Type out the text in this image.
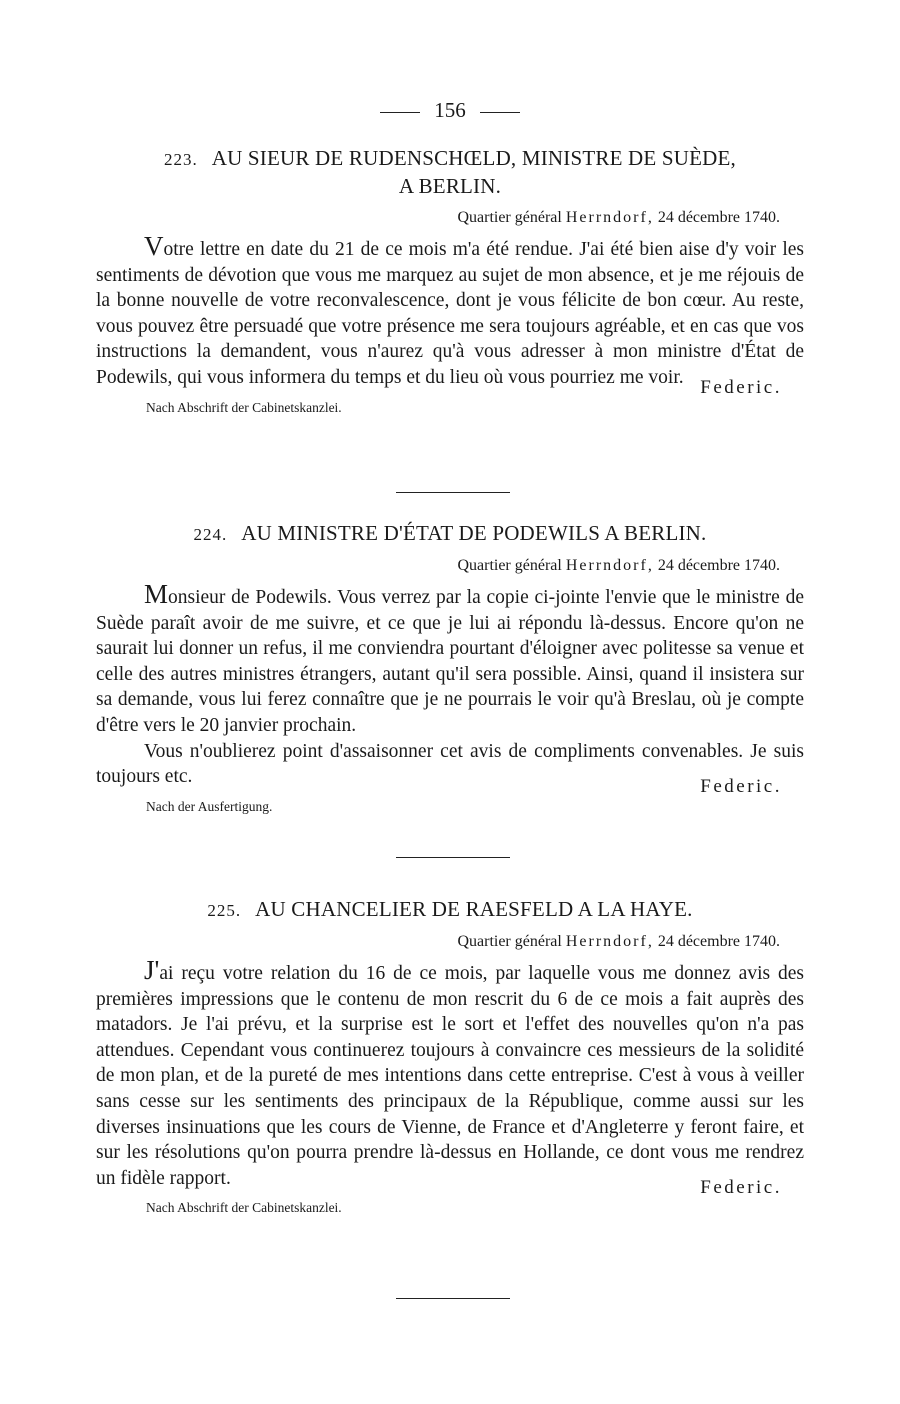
156
223. AU SIEUR DE RUDENSCHŒLD, MINISTRE DE SUÈDE,
A BERLIN.
Quartier général Herrndorf, 24 décembre 1740.

Votre lettre en date du 21 de ce mois m'a été rendue. J'ai été bien aise d'y voir les sentiments de dévotion que vous me marquez au sujet de mon absence, et je me réjouis de la bonne nouvelle de votre reconvalescence, dont je vous félicite de bon cœur. Au reste, vous pouvez être persuadé que votre présence me sera toujours agréable, et en cas que vos instructions la demandent, vous n'aurez qu'à vous adresser à mon ministre d'État de Podewils, qui vous informera du temps et du lieu où vous pourriez me voir. Federic.
Nach Abschrift der Cabinetskanzlei.
224. AU MINISTRE D'ÉTAT DE PODEWILS A BERLIN.
Quartier général Herrndorf, 24 décembre 1740.

Monsieur de Podewils. Vous verrez par la copie ci-jointe l'envie que le ministre de Suède paraît avoir de me suivre, et ce que je lui ai répondu là-dessus. Encore qu'on ne saurait lui donner un refus, il me conviendra pourtant d'éloigner avec politesse sa venue et celle des autres ministres étrangers, autant qu'il sera possible. Ainsi, quand il insistera sur sa demande, vous lui ferez connaître que je ne pourrais le voir qu'à Breslau, où je compte d'être vers le 20 janvier prochain.

Vous n'oublierez point d'assaisonner cet avis de compliments convenables. Je suis toujours etc.	Federic.
Nach der Ausfertigung.
225. AU CHANCELIER DE RAESFELD A LA HAYE.
Quartier général Herrndorf, 24 décembre 1740.

J'ai reçu votre relation du 16 de ce mois, par laquelle vous me donnez avis des premières impressions que le contenu de mon rescrit du 6 de ce mois a fait auprès des matadors. Je l'ai prévu, et la surprise est le sort et l'effet des nouvelles qu'on n'a pas attendues. Cependant vous continuerez toujours à convaincre ces messieurs de la solidité de mon plan, et de la pureté de mes intentions dans cette entreprise. C'est à vous à veiller sans cesse sur les sentiments des principaux de la République, comme aussi sur les diverses insinuations que les cours de Vienne, de France et d'Angleterre y feront faire, et sur les résolutions qu'on pourra prendre là-dessus en Hollande, ce dont vous me rendrez un fidèle rapport.	Federic.
Nach Abschrift der Cabinetskanzlei.
